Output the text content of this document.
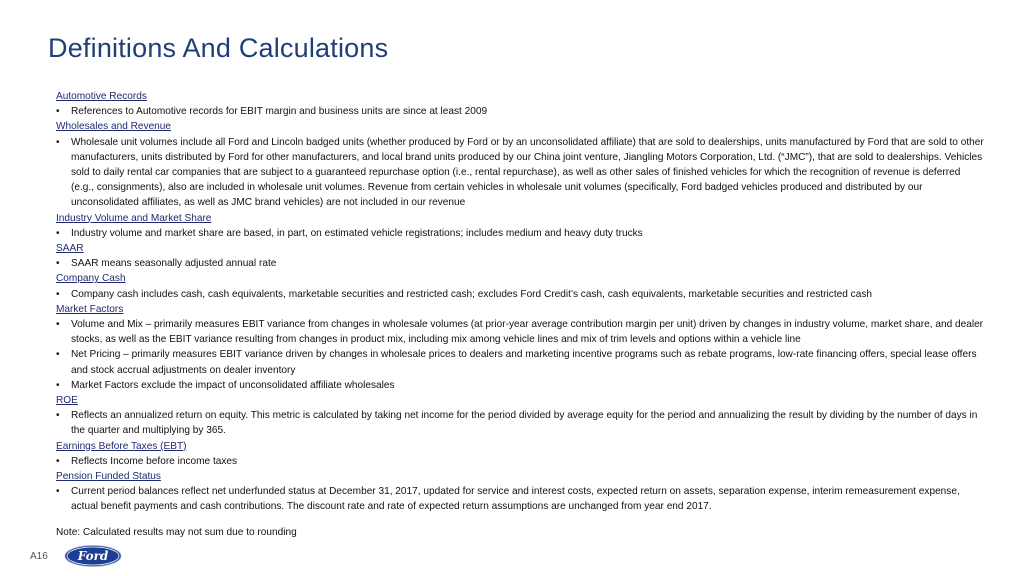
Definitions And Calculations
Automotive Records
• References to Automotive records for EBIT margin and business units are since at least 2009
Wholesales and Revenue
• Wholesale unit volumes include all Ford and Lincoln badged units (whether produced by Ford or by an unconsolidated affiliate) that are sold to dealerships, units manufactured by Ford that are sold to other manufacturers, units distributed by Ford for other manufacturers, and local brand units produced by our China joint venture, Jiangling Motors Corporation, Ltd. (“JMC”), that are sold to dealerships. Vehicles sold to daily rental car companies that are subject to a guaranteed repurchase option (i.e., rental repurchase), as well as other sales of finished vehicles for which the recognition of revenue is deferred (e.g., consignments), also are included in wholesale unit volumes. Revenue from certain vehicles in wholesale unit volumes (specifically, Ford badged vehicles produced and distributed by our unconsolidated affiliates, as well as JMC brand vehicles) are not included in our revenue
Industry Volume and Market Share
• Industry volume and market share are based, in part, on estimated vehicle registrations; includes medium and heavy duty trucks
SAAR
• SAAR means seasonally adjusted annual rate
Company Cash
• Company cash includes cash, cash equivalents, marketable securities and restricted cash; excludes Ford Credit’s cash, cash equivalents, marketable securities and restricted cash
Market Factors
• Volume and Mix – primarily measures EBIT variance from changes in wholesale volumes (at prior-year average contribution margin per unit) driven by changes in industry volume, market share, and dealer stocks, as well as the EBIT variance resulting from changes in product mix, including mix among vehicle lines and mix of trim levels and options within a vehicle line
• Net Pricing – primarily measures EBIT variance driven by changes in wholesale prices to dealers and marketing incentive programs such as rebate programs, low-rate financing offers, special lease offers and stock accrual adjustments on dealer inventory
• Market Factors exclude the impact of unconsolidated affiliate wholesales
ROE
• Reflects an annualized return on equity. This metric is calculated by taking net income for the period divided by average equity for the period and annualizing the result by dividing by the number of days in the quarter and multiplying by 365.
Earnings Before Taxes (EBT)
• Reflects Income before income taxes
Pension Funded Status
• Current period balances reflect net underfunded status at December 31, 2017, updated for service and interest costs, expected return on assets, separation expense, interim remeasurement expense, actual benefit payments and cash contributions. The discount rate and rate of expected return assumptions are unchanged from year end 2017.
Note: Calculated results may not sum due to rounding
A16 Ford
